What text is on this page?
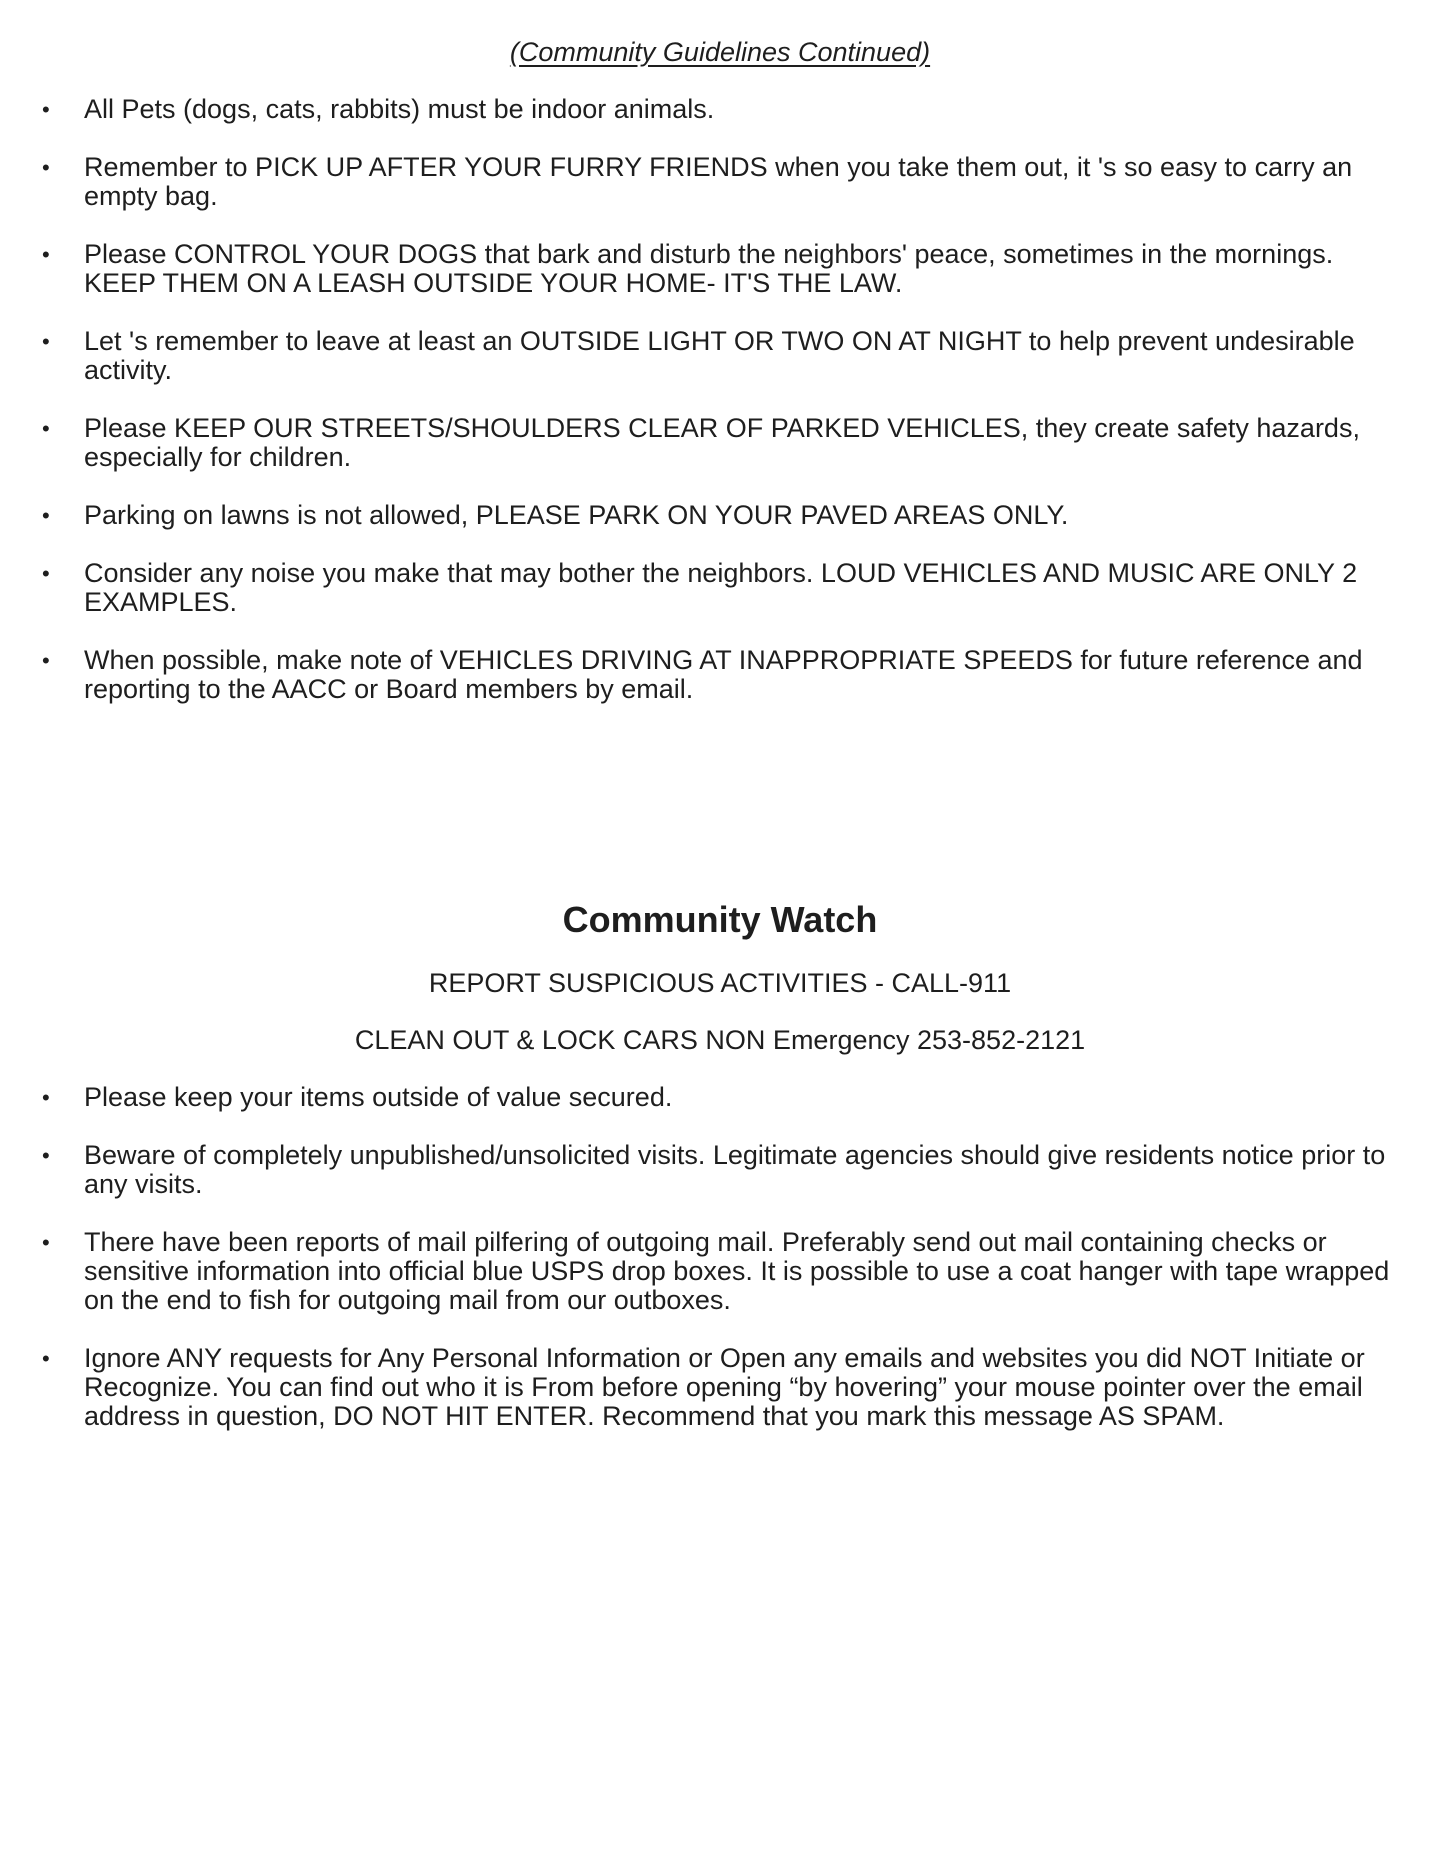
(Community Guidelines Continued)
• All Pets (dogs, cats, rabbits) must be indoor animals.
• Remember to PICK UP AFTER YOUR FURRY FRIENDS when you take them out, it 's so easy to carry an empty bag.
• Please CONTROL YOUR DOGS that bark and disturb the neighbors' peace, sometimes in the mornings. KEEP THEM ON A LEASH OUTSIDE YOUR HOME- IT'S THE LAW.
• Let 's remember to leave at least an OUTSIDE LIGHT OR TWO ON AT NIGHT to help prevent undesirable activity.
• Please KEEP OUR STREETS/SHOULDERS CLEAR OF PARKED VEHICLES, they create safety hazards, especially for children.
• Parking on lawns is not allowed, PLEASE PARK ON YOUR PAVED AREAS ONLY.
• Consider any noise you make that may bother the neighbors. LOUD VEHICLES AND MUSIC ARE ONLY 2 EXAMPLES.
• When possible, make note of VEHICLES DRIVING AT INAPPROPRIATE SPEEDS for future reference and reporting to the AACC or Board members by email.
Community Watch
REPORT SUSPICIOUS ACTIVITIES - CALL-911
CLEAN OUT & LOCK CARS NON Emergency 253-852-2121
• Please keep your items outside of value secured.
• Beware of completely unpublished/unsolicited visits. Legitimate agencies should give residents notice prior to any visits.
• There have been reports of mail pilfering of outgoing mail. Preferably send out mail containing checks or sensitive information into official blue USPS drop boxes. It is possible to use a coat hanger with tape wrapped on the end to fish for outgoing mail from our outboxes.
• Ignore ANY requests for Any Personal Information or Open any emails and websites you did NOT Initiate or Recognize. You can find out who it is From before opening “by hovering” your mouse pointer over the email address in question, DO NOT HIT ENTER. Recommend that you mark this message AS SPAM.
